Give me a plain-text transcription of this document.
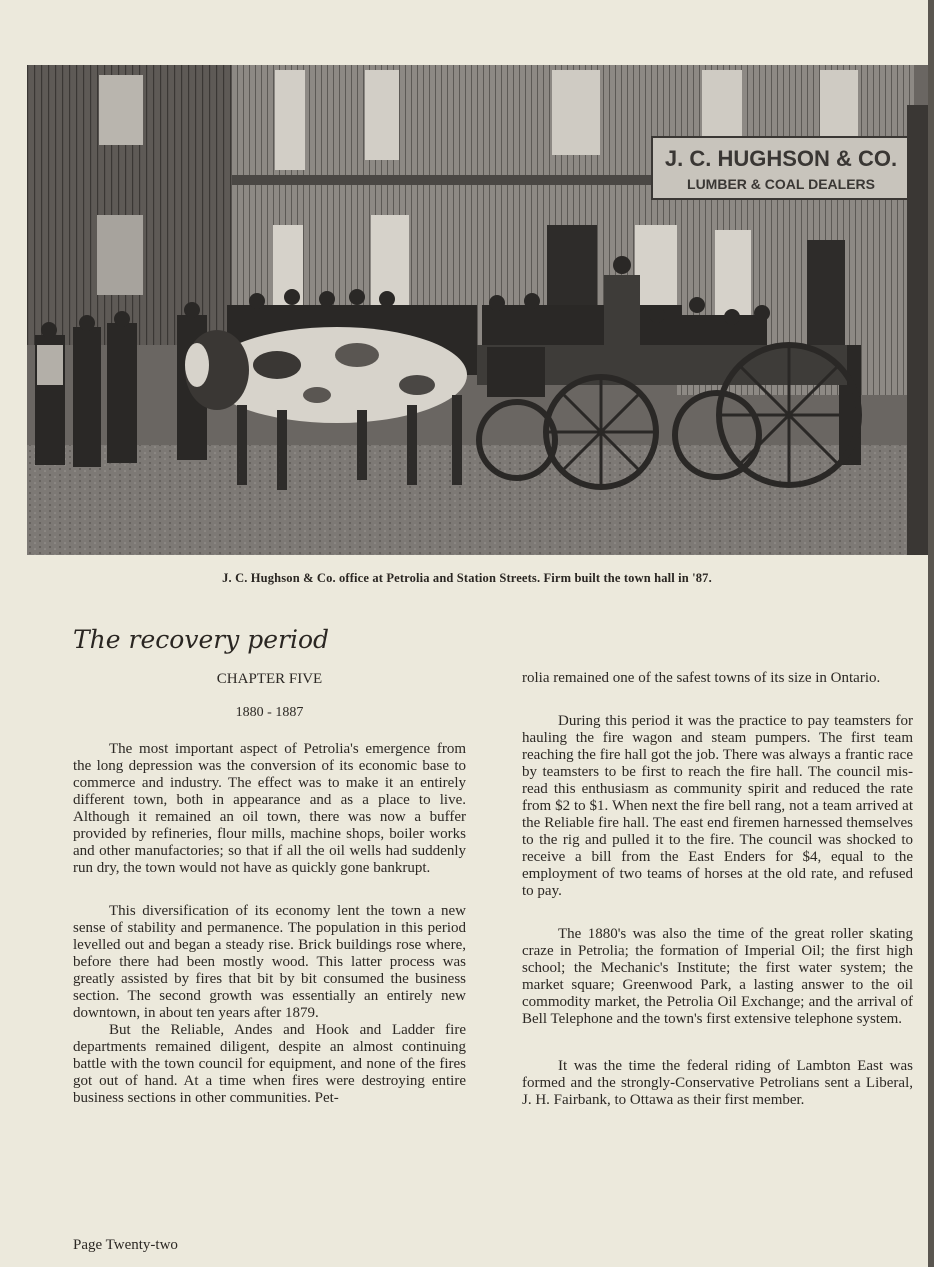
J. C. HUGHSON & CO.
LUMBER & COAL DEALERS
J. C. Hughson & Co. office at Petrolia and Station Streets. Firm built the town hall in '87.
The recovery period
CHAPTER FIVE
1880 - 1887

The most important aspect of Petrolia's emergence from the long depression was the conversion of its economic base to commerce and industry. The effect was to make it an entirely different town, both in appearance and as a place to live. Although it remained an oil town, there was now a buffer provided by refineries, flour mills, machine shops, boiler works and other manufactories; so that if all the oil wells had suddenly run dry, the town would not have as quickly gone bankrupt.

This diversification of its economy lent the town a new sense of stability and permanence. The population in this period levelled out and began a steady rise. Brick buildings rose where, before there had been mostly wood. This latter process was greatly assisted by fires that bit by bit consumed the business section. The second growth was essentially an entirely new downtown, in about ten years after 1879.

But the Reliable, Andes and Hook and Ladder fire departments remained diligent, despite an almost continuing battle with the town council for equipment, and none of the fires got out of hand. At a time when fires were destroying entire business sections in other communities. Pet-

rolia remained one of the safest towns of its size in Ontario.

During this period it was the practice to pay teamsters for hauling the fire wagon and steam pumpers. The first team reaching the fire hall got the job. There was always a frantic race by teamsters to be first to reach the fire hall. The council mis-read this enthusiasm as community spirit and reduced the rate from $2 to $1. When next the fire bell rang, not a team arrived at the Reliable fire hall. The east end firemen harnessed themselves to the rig and pulled it to the fire. The council was shocked to receive a bill from the East Enders for $4, equal to the employment of two teams of horses at the old rate, and refused to pay.

The 1880's was also the time of the great roller skating craze in Petrolia; the formation of Imperial Oil; the first high school; the Mechanic's Institute; the first water system; the market square; Greenwood Park, a lasting answer to the oil commodity market, the Petrolia Oil Exchange; and the arrival of Bell Telephone and the town's first extensive telephone system.

It was the time the federal riding of Lambton East was formed and the strongly-Conservative Petrolians sent a Liberal, J. H. Fairbank, to Ottawa as their first member.

Page Twenty-two
